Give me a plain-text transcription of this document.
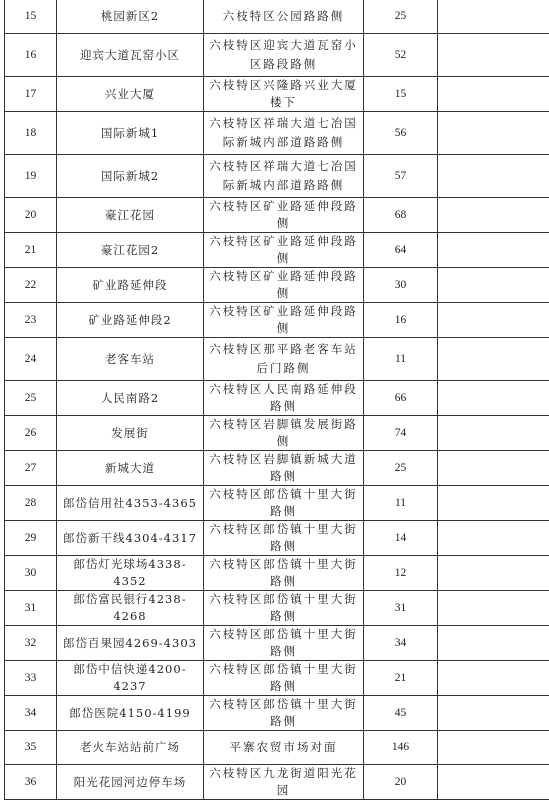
15	桃园新区2	六枝特区公园路路侧	25	
16	迎宾大道瓦窑小区	六枝特区迎宾大道瓦窑小区路段路侧	52	
17	兴业大厦	六枝特区兴隆路兴业大厦楼下	15	
18	国际新城1	六枝特区祥瑞大道七冶国际新城内部道路路侧	56	
19	国际新城2	六枝特区祥瑞大道七冶国际新城内部道路路侧	57	
20	豪江花园	六枝特区矿业路延伸段路侧	68	
21	豪江花园2	六枝特区矿业路延伸段路侧	64	
22	矿业路延伸段	六枝特区矿业路延伸段路侧	30	
23	矿业路延伸段2	六枝特区矿业路延伸段路侧	16	
24	老客车站	六枝特区那平路老客车站后门路侧	11	
25	人民南路2	六枝特区人民南路延伸段路侧	66	
26	发展街	六枝特区岩脚镇发展街路侧	74	
27	新城大道	六枝特区岩脚镇新城大道路侧	25	
28	郎岱信用社4353-4365	六枝特区郎岱镇十里大街路侧	11	
29	郎岱新干线4304-4317	六枝特区郎岱镇十里大街路侧	14	
30	郎岱灯光球场4338-4352	六枝特区郎岱镇十里大街路侧	12	
31	郎岱富民银行4238-4268	六枝特区郎岱镇十里大街路侧	31	
32	郎岱百果园4269-4303	六枝特区郎岱镇十里大街路侧	34	
33	郎岱中信快递4200-4237	六枝特区郎岱镇十里大街路侧	21	
34	郎岱医院4150-4199	六枝特区郎岱镇十里大街路侧	45	
35	老火车站站前广场	平寨农贸市场对面	146	
36	阳光花园河边停车场	六枝特区九龙街道阳光花园	20	
